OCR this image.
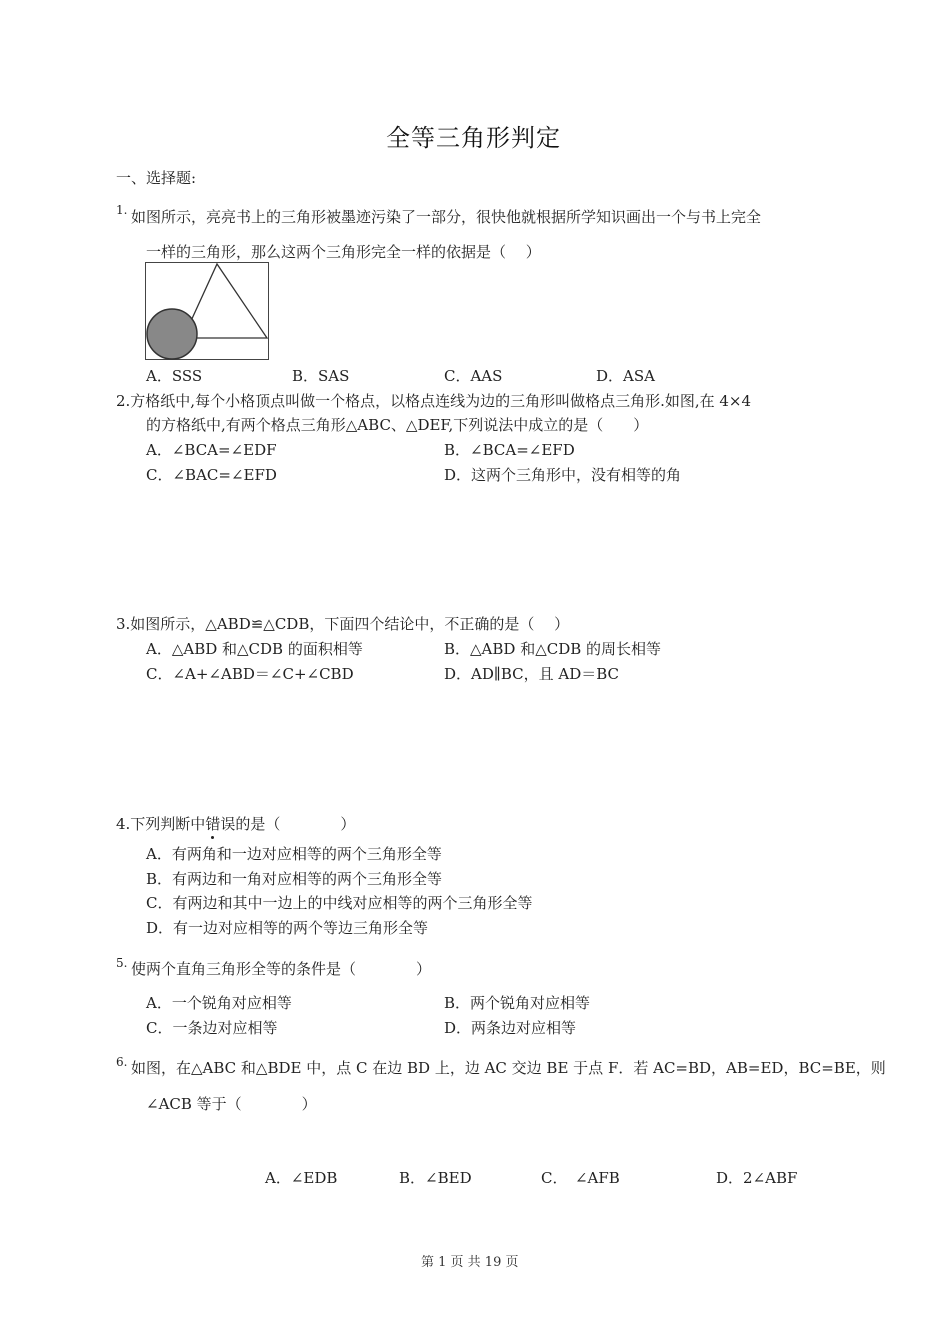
全等三角形判定
一、选择题:
1. 如图所示，亮亮书上的三角形被墨迹污染了一部分，很快他就根据所学知识画出一个与书上完全
一样的三角形，那么这两个三角形完全一样的依据是（　 ）
A．SSS	B．SAS	C．AAS	D．ASA
2.方格纸中,每个小格顶点叫做一个格点，以格点连线为边的三角形叫做格点三角形.如图,在 4×4
的方格纸中,有两个格点三角形△ABC、△DEF,下列说法中成立的是（　　）
A．∠BCA=∠EDF	B．∠BCA=∠EFD
C．∠BAC=∠EFD	D．这两个三角形中，没有相等的角
3.如图所示，△ABD≌△CDB，下面四个结论中，不正确的是（　 ）
A．△ABD 和△CDB 的面积相等	B．△ABD 和△CDB 的周长相等
C．∠A+∠ABD＝∠C+∠CBD	D．AD∥BC，且 AD＝BC
4.下列判断中错误的是（　　　　）
A．有两角和一边对应相等的两个三角形全等
B．有两边和一角对应相等的两个三角形全等
C．有两边和其中一边上的中线对应相等的两个三角形全等
D．有一边对应相等的两个等边三角形全等
5. 使两个直角三角形全等的条件是（　　　　）
A．一个锐角对应相等	B．两个锐角对应相等
C．一条边对应相等	D．两条边对应相等
6. 如图，在△ABC 和△BDE 中，点 C 在边 BD 上，边 AC 交边 BE 于点 F．若 AC=BD，AB=ED，BC=BE，则
∠ACB 等于（　　　　）
A．∠EDB	B．∠BED	C．　∠AFB	D．2∠ABF
第 1 页 共 19 页
